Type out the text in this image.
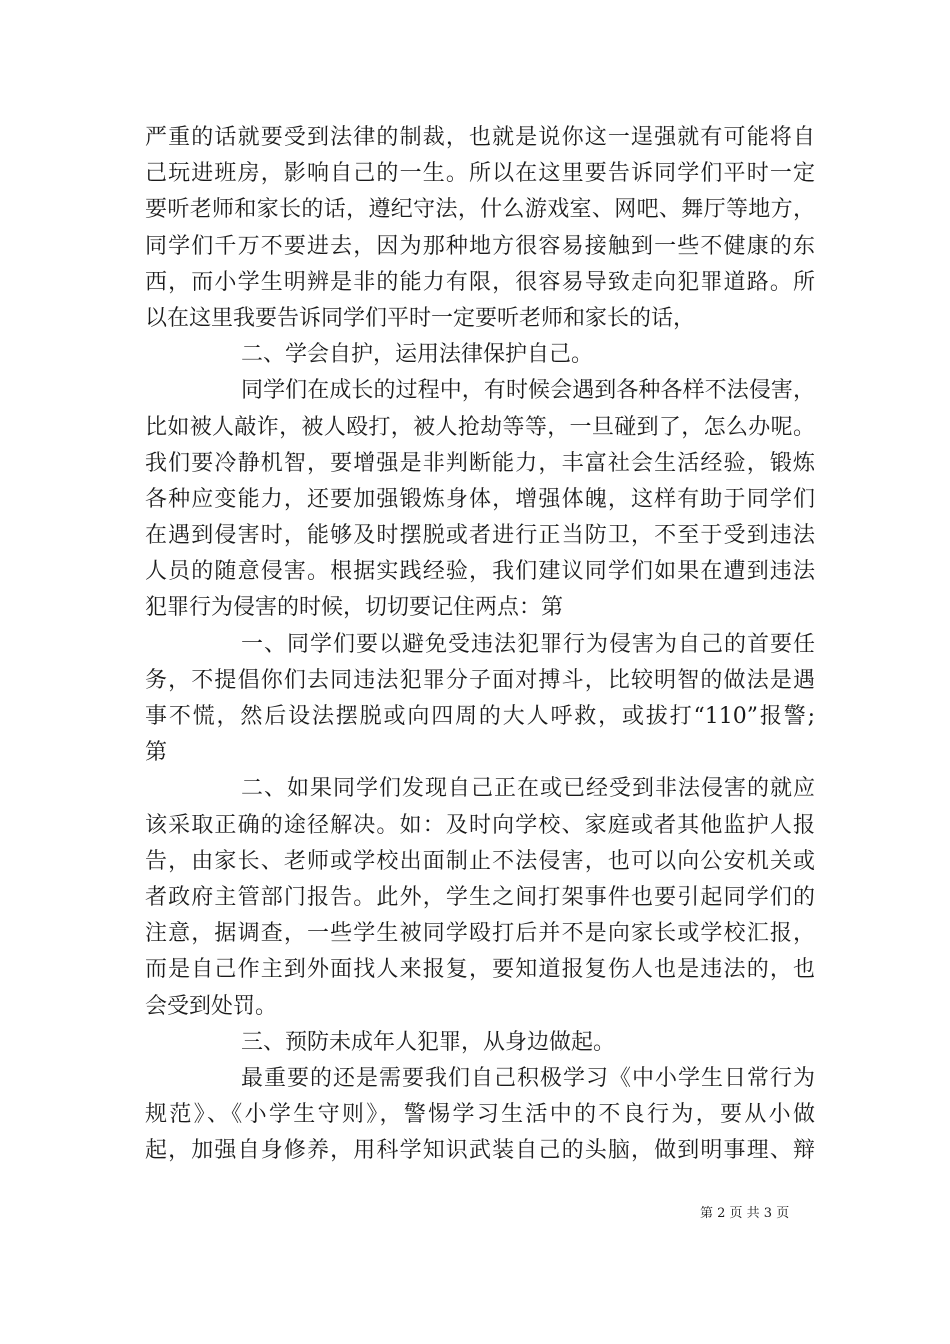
严重的话就要受到法律的制裁，也就是说你这一逞强就有可能将自
己玩进班房，影响自己的一生。所以在这里要告诉同学们平时一定
要听老师和家长的话，遵纪守法，什么游戏室、网吧、舞厅等地方，
同学们千万不要进去，因为那种地方很容易接触到一些不健康的东
西，而小学生明辨是非的能力有限，很容易导致走向犯罪道路。所
以在这里我要告诉同学们平时一定要听老师和家长的话，
二、学会自护，运用法律保护自己。
同学们在成长的过程中，有时候会遇到各种各样不法侵害，
比如被人敲诈，被人殴打，被人抢劫等等，一旦碰到了，怎么办呢。
我们要冷静机智，要增强是非判断能力，丰富社会生活经验，锻炼
各种应变能力，还要加强锻炼身体，增强体魄，这样有助于同学们
在遇到侵害时，能够及时摆脱或者进行正当防卫，不至于受到违法
人员的随意侵害。根据实践经验，我们建议同学们如果在遭到违法
犯罪行为侵害的时候，切切要记住两点：第
一、同学们要以避免受违法犯罪行为侵害为自己的首要任
务，不提倡你们去同违法犯罪分子面对搏斗，比较明智的做法是遇
事不慌，然后设法摆脱或向四周的大人呼救，或拔打“110”报警;
第
二、如果同学们发现自己正在或已经受到非法侵害的就应
该采取正确的途径解决。如：及时向学校、家庭或者其他监护人报
告，由家长、老师或学校出面制止不法侵害，也可以向公安机关或
者政府主管部门报告。此外，学生之间打架事件也要引起同学们的
注意，据调查，一些学生被同学殴打后并不是向家长或学校汇报，
而是自己作主到外面找人来报复，要知道报复伤人也是违法的，也
会受到处罚。
三、预防未成年人犯罪，从身边做起。
最重要的还是需要我们自己积极学习《中小学生日常行为
规范》、《小学生守则》，警惕学习生活中的不良行为，要从小做
起，加强自身修养，用科学知识武装自己的头脑，做到明事理、辩
第 2 页 共 3 页
